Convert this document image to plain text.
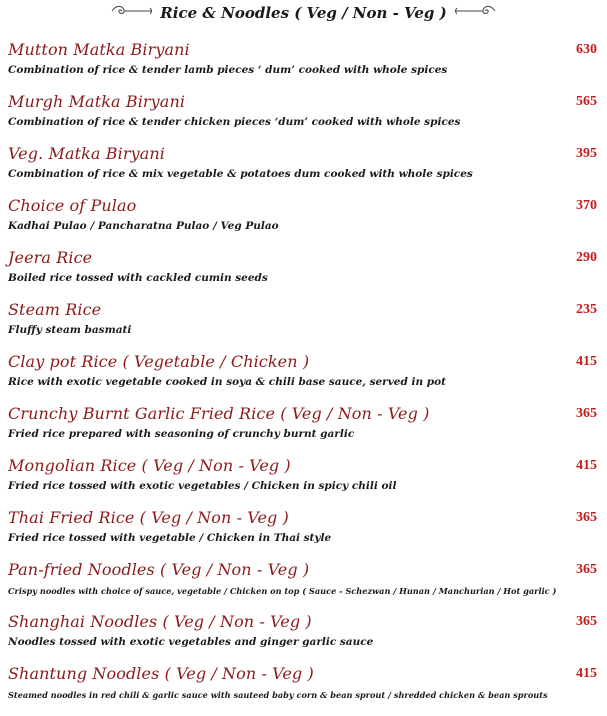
Rice & Noodles ( Veg / Non - Veg )
Mutton Matka Biryani
Combination of rice & tender lamb pieces ‘ dum’ cooked with whole spices
630
Murgh Matka Biryani
Combination of rice & tender chicken pieces ‘dum’ cooked with whole spices
565
Veg. Matka Biryani
Combination of rice & mix vegetable & potatoes dum cooked with whole spices
395
Choice of Pulao
Kadhai Pulao / Pancharatna Pulao / Veg Pulao
370
Jeera Rice
Boiled rice tossed with cackled cumin seeds
290
Steam Rice
Fluffy steam basmati
235
Clay pot Rice ( Vegetable / Chicken )
Rice with exotic vegetable cooked in soya & chili base sauce, served in pot
415
Crunchy Burnt Garlic Fried Rice ( Veg / Non - Veg )
Fried rice prepared with seasoning of crunchy burnt garlic
365
Mongolian Rice ( Veg / Non - Veg )
Fried rice tossed with exotic vegetables / Chicken in spicy chili oil
415
Thai Fried Rice ( Veg / Non - Veg )
Fried rice tossed with vegetable / Chicken in Thai style
365
Pan-fried Noodles ( Veg / Non - Veg )
Crispy noodles with choice of sauce, vegetable / Chicken on top ( Sauce - Schezwan / Hunan / Manchurian / Hot garlic )
365
Shanghai Noodles ( Veg / Non - Veg )
Noodles tossed with exotic vegetables and ginger garlic sauce
365
Shantung Noodles ( Veg / Non - Veg )
Steamed noodles in red chili & garlic sauce with sauteed baby corn & bean sprout / shredded chicken & bean sprouts
415
